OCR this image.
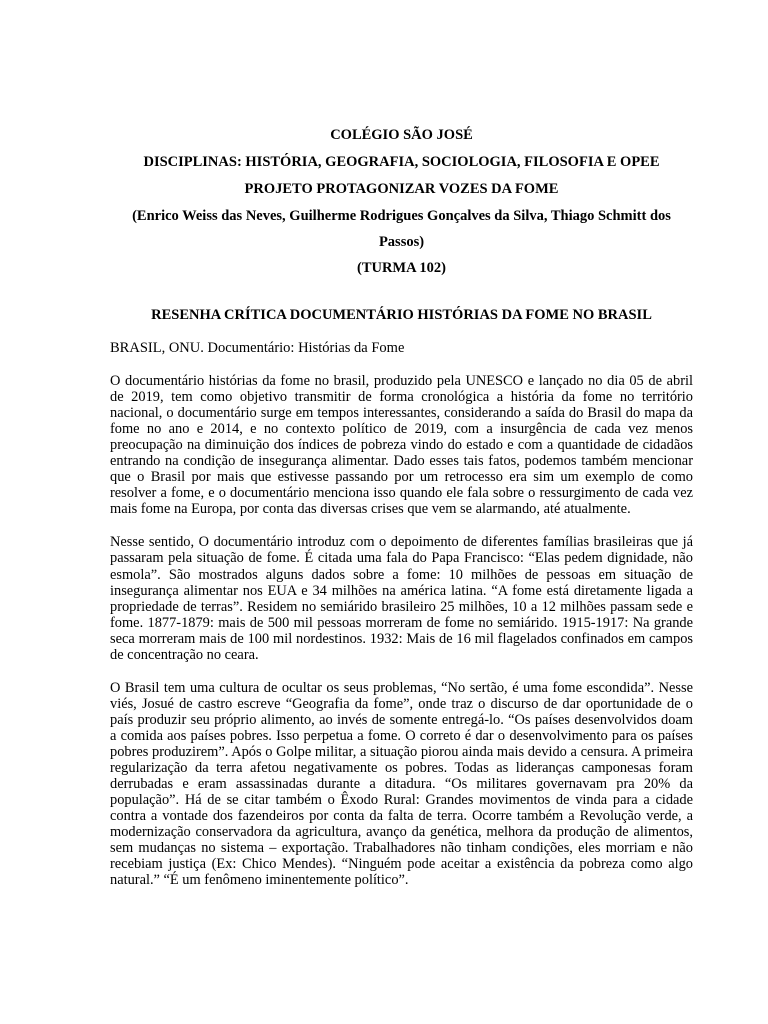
COLÉGIO SÃO JOSÉ

DISCIPLINAS: HISTÓRIA, GEOGRAFIA, SOCIOLOGIA, FILOSOFIA E OPEE

PROJETO PROTAGONIZAR VOZES DA FOME

(Enrico Weiss das Neves, Guilherme Rodrigues Gonçalves da Silva, Thiago Schmitt dos Passos)

(TURMA 102)

RESENHA CRÍTICA DOCUMENTÁRIO HISTÓRIAS DA FOME NO BRASIL

BRASIL, ONU. Documentário: Histórias da Fome

O documentário histórias da fome no brasil, produzido pela UNESCO e lançado no dia 05 de abril de 2019, tem como objetivo transmitir de forma cronológica a história da fome no território nacional, o documentário surge em tempos interessantes, considerando a saída do Brasil do mapa da fome no ano e 2014, e no contexto político de 2019, com a insurgência de cada vez menos preocupação na diminuição dos índices de pobreza vindo do estado e com a quantidade de cidadãos entrando na condição de insegurança alimentar. Dado esses tais fatos, podemos também mencionar que o Brasil por mais que estivesse passando por um retrocesso era sim um exemplo de como resolver a fome, e o documentário menciona isso quando ele fala sobre o ressurgimento de cada vez mais fome na Europa, por conta das diversas crises que vem se alarmando, até atualmente.

Nesse sentido, O documentário introduz com o depoimento de diferentes famílias brasileiras que já passaram pela situação de fome. É citada uma fala do Papa Francisco: “Elas pedem dignidade, não esmola”. São mostrados alguns dados sobre a fome: 10 milhões de pessoas em situação de insegurança alimentar nos EUA e 34 milhões na américa latina. “A fome está diretamente ligada a propriedade de terras”. Residem no semiárido brasileiro 25 milhões, 10 a 12 milhões passam sede e fome. 1877-1879: mais de 500 mil pessoas morreram de fome no semiárido. 1915-1917: Na grande seca morreram mais de 100 mil nordestinos. 1932: Mais de 16 mil flagelados confinados em campos de concentração no ceara.

O Brasil tem uma cultura de ocultar os seus problemas, “No sertão, é uma fome escondida”. Nesse viés, Josué de castro escreve “Geografia da fome”, onde traz o discurso de dar oportunidade de o país produzir seu próprio alimento, ao invés de somente entregá-lo. “Os países desenvolvidos doam a comida aos países pobres. Isso perpetua a fome. O correto é dar o desenvolvimento para os países pobres produzirem”. Após o Golpe militar, a situação piorou ainda mais devido a censura. A primeira regularização da terra afetou negativamente os pobres. Todas as lideranças camponesas foram derrubadas e eram assassinadas durante a ditadura. “Os militares governavam pra 20% da população”. Há de se citar também o Êxodo Rural: Grandes movimentos de vinda para a cidade contra a vontade dos fazendeiros por conta da falta de terra. Ocorre também a Revolução verde, a modernização conservadora da agricultura, avanço da genética, melhora da produção de alimentos, sem mudanças no sistema – exportação. Trabalhadores não tinham condições, eles morriam e não recebiam justiça (Ex: Chico Mendes). “Ninguém pode aceitar a existência da pobreza como algo natural.” “É um fenômeno iminentemente político”.
